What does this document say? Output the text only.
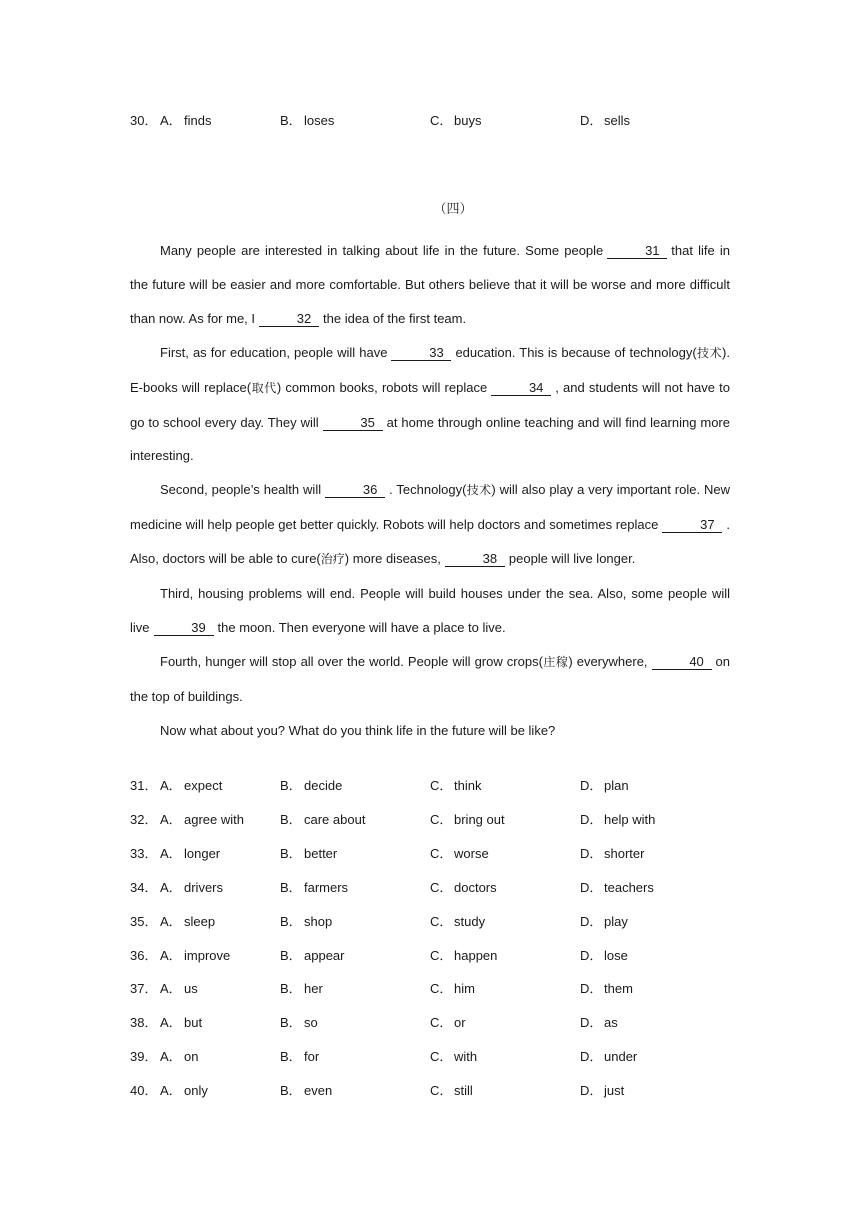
30． A． finds	B． loses	C． buys	D． sells
（四）

Many people are interested in talking about life in the future. Some people	31 that life in the future will be easier and more comfortable. But others believe that it will be worse and more difficult than now. As for me, I	32 the idea of the first team.

First, as for education, people will have	33 education. This is because of technology(技术). E-books will replace(取代) common books, robots will replace	34 , and students will not have to go to school every day. They will	35 at home through online teaching and will find learning more interesting.

Second, people’s health will	36 . Technology(技术) will also play a very important role. New medicine will help people get better quickly. Robots will help doctors and sometimes replace	37 . Also, doctors will be able to cure(治疗) more diseases,	38 people will live longer.

Third, housing problems will end. People will build houses under the sea. Also, some people will live	39 the moon. Then everyone will have a place to live.

Fourth, hunger will stop all over the world. People will grow crops(庄稼) everywhere,	40 on the top of buildings.

Now what about you? What do you think life in the future will be like?

31． A． expect	B． decide	C． think	D． plan
32． A． agree with	B． care about	C． bring out	D． help with
33． A． longer	B． better	C． worse	D． shorter
34． A． drivers	B． farmers	C． doctors	D． teachers
35． A． sleep	B． shop	C． study	D． play
36． A． improve	B． appear	C． happen	D． lose
37． A． us	B． her	C． him	D． them
38． A． but	B． so	C． or	D． as
39． A． on	B． for	C． with	D． under
40． A． only	B． even	C． still	D． just
